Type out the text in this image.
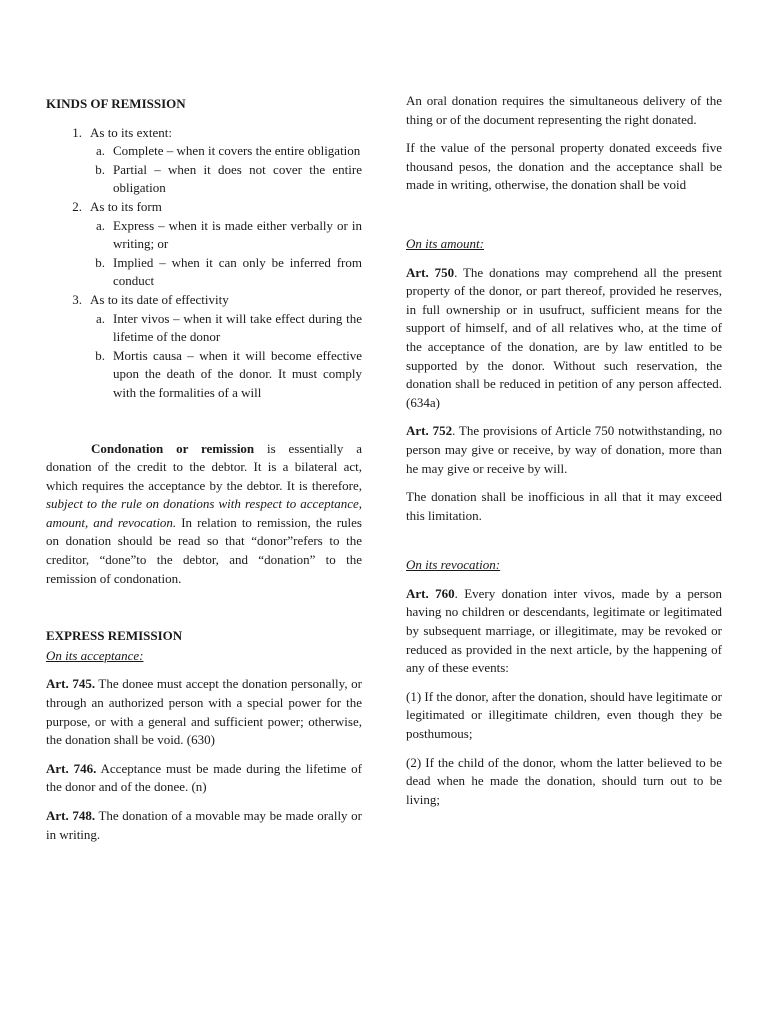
KINDS OF REMISSION

1. As to its extent:
a. Complete – when it covers the entire obligation
b. Partial – when it does not cover the entire obligation
2. As to its form
a. Express – when it is made either verbally or in writing; or
b. Implied – when it can only be inferred from conduct
3. As to its date of effectivity
a. Inter vivos – when it will take effect during the lifetime of the donor
b. Mortis causa – when it will become effective upon the death of the donor. It must comply with the formalities of a will

Condonation or remission is essentially a donation of the credit to the debtor. It is a bilateral act, which requires the acceptance by the debtor. It is therefore, subject to the rule on donations with respect to acceptance, amount, and revocation. In relation to remission, the rules on donation should be read so that “donor”refers to the creditor, “done”to the debtor, and “donation” to the remission of condonation.

EXPRESS REMISSION

On its acceptance:

Art. 745. The donee must accept the donation personally, or through an authorized person with a special power for the purpose, or with a general and sufficient power; otherwise, the donation shall be void. (630)

Art. 746. Acceptance must be made during the lifetime of the donor and of the donee. (n)

Art. 748. The donation of a movable may be made orally or in writing.

An oral donation requires the simultaneous delivery of the thing or of the document representing the right donated.

If the value of the personal property donated exceeds five thousand pesos, the donation and the acceptance shall be made in writing, otherwise, the donation shall be void

On its amount:

Art. 750. The donations may comprehend all the present property of the donor, or part thereof, provided he reserves, in full ownership or in usufruct, sufficient means for the support of himself, and of all relatives who, at the time of the acceptance of the donation, are by law entitled to be supported by the donor. Without such reservation, the donation shall be reduced in petition of any person affected. (634a)

Art. 752. The provisions of Article 750 notwithstanding, no person may give or receive, by way of donation, more than he may give or receive by will.

The donation shall be inofficious in all that it may exceed this limitation.

On its revocation:

Art. 760. Every donation inter vivos, made by a person having no children or descendants, legitimate or legitimated by subsequent marriage, or illegitimate, may be revoked or reduced as provided in the next article, by the happening of any of these events:

(1) If the donor, after the donation, should have legitimate or legitimated or illegitimate children, even though they be posthumous;

(2) If the child of the donor, whom the latter believed to be dead when he made the donation, should turn out to be living;
